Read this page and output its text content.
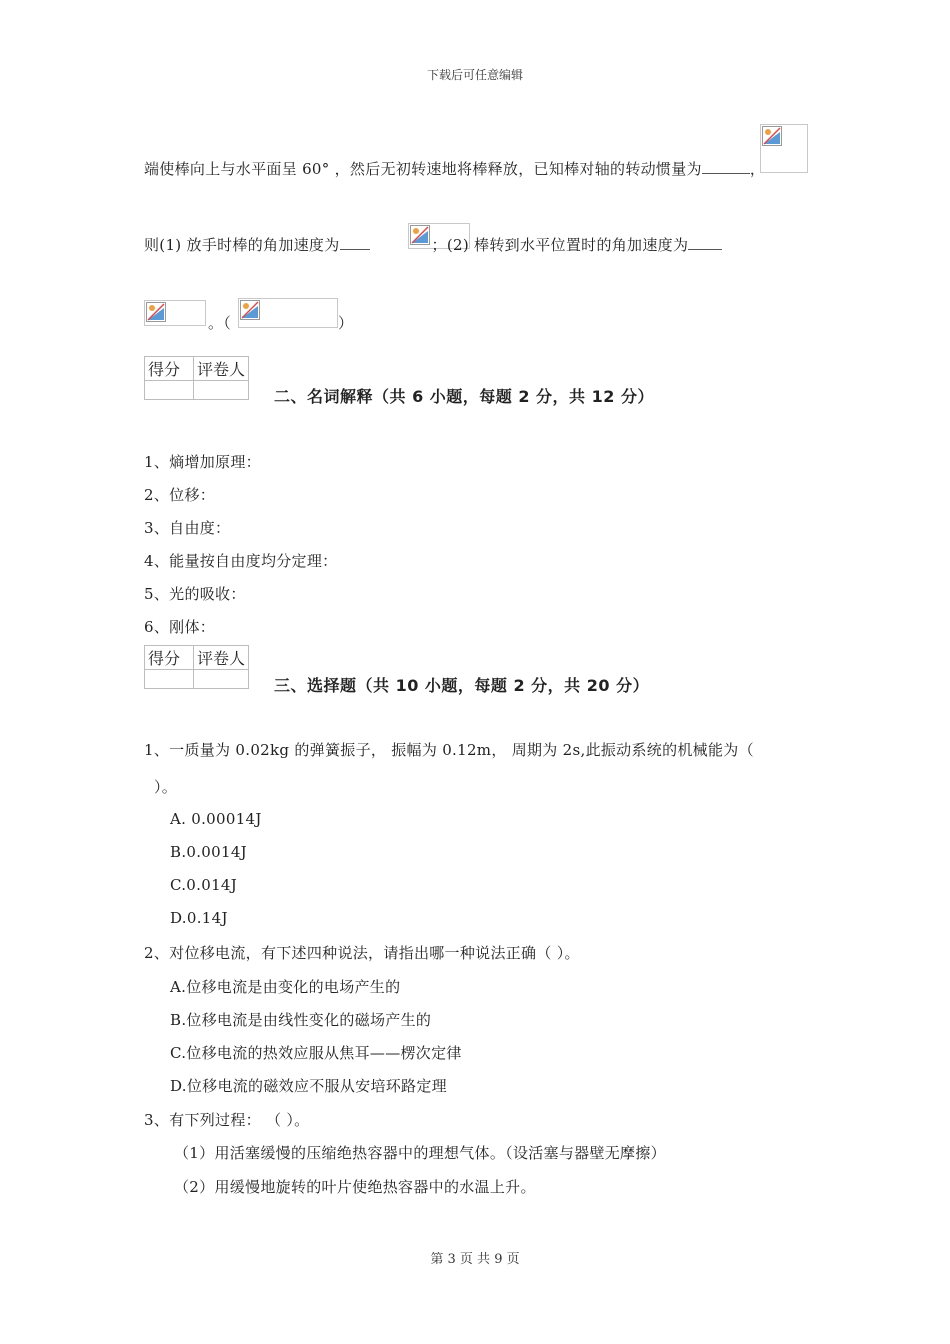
下载后可任意编辑
端使棒向上与水平面呈 60° ，然后无初转速地将棒释放，已知棒对轴的转动惯量为	，
则(1) 放手时棒的角加速度为	；(2) 棒转到水平位置时的角加速度为
。（	）
得分	评卷人

二、名词解释（共 6 小题，每题 2 分，共 12 分）
1、熵增加原理：
2、位移：
3、自由度：
4、能量按自由度均分定理：
5、光的吸收：
6、刚体：
得分	评卷人

三、选择题（共 10 小题，每题 2 分，共 20 分）
1、一质量为 0.02kg 的弹簧振子， 振幅为 0.12m， 周期为 2s,此振动系统的机械能为（
）。
A. 0.00014J
B.0.0014J
C.0.014J
D.0.14J
2、对位移电流，有下述四种说法，请指出哪一种说法正确（ ）。
A.位移电流是由变化的电场产生的
B.位移电流是由线性变化的磁场产生的
C.位移电流的热效应服从焦耳——楞次定律
D.位移电流的磁效应不服从安培环路定理
3、有下列过程： （ ）。
（1）用活塞缓慢的压缩绝热容器中的理想气体。（设活塞与器壁无摩擦）
（2）用缓慢地旋转的叶片使绝热容器中的水温上升。
第 3 页 共 9 页
